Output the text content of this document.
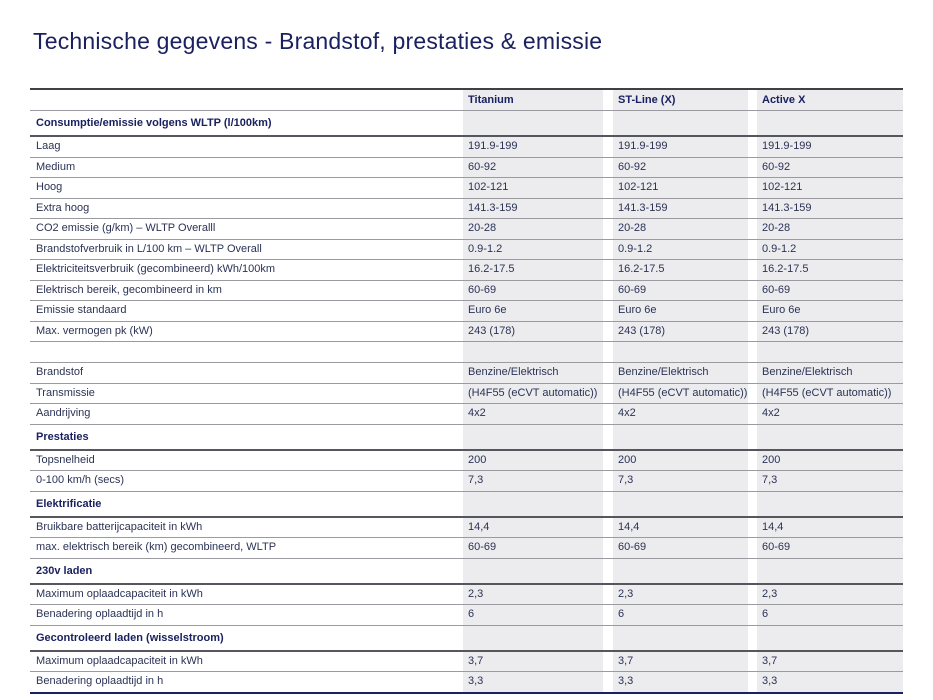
Technische gegevens - Brandstof, prestaties & emissie
Titanium	ST-Line (X)	Active X
Consumptie/emissie volgens WLTP (l/100km)
Laag	191.9-199	191.9-199	191.9-199
Medium	60-92	60-92	60-92
Hoog	102-121	102-121	102-121
Extra hoog	141.3-159	141.3-159	141.3-159
CO2 emissie (g/km) – WLTP Overalll	20-28	20-28	20-28
Brandstofverbruik in L/100 km – WLTP Overall	0.9-1.2	0.9-1.2	0.9-1.2
Elektriciteitsverbruik (gecombineerd) kWh/100km	16.2-17.5	16.2-17.5	16.2-17.5
Elektrisch bereik, gecombineerd in km	60-69	60-69	60-69
Emissie standaard	Euro 6e	Euro 6e	Euro 6e
Max. vermogen pk (kW)	243 (178)	243 (178)	243 (178)
Brandstof	Benzine/Elektrisch	Benzine/Elektrisch	Benzine/Elektrisch
Transmissie	(H4F55 (eCVT automatic))	(H4F55 (eCVT automatic))	(H4F55 (eCVT automatic))
Aandrijving	4x2	4x2	4x2
Prestaties
Topsnelheid	200	200	200
0-100 km/h (secs)	7,3	7,3	7,3
Elektrificatie
Bruikbare batterijcapaciteit in kWh	14,4	14,4	14,4
max. elektrisch bereik (km) gecombineerd, WLTP	60-69	60-69	60-69
230v laden
Maximum oplaadcapaciteit in kWh	2,3	2,3	2,3
Benadering oplaadtijd in h	6	6	6
Gecontroleerd laden (wisselstroom)
Maximum oplaadcapaciteit in kWh	3,7	3,7	3,7
Benadering oplaadtijd in h	3,3	3,3	3,3
